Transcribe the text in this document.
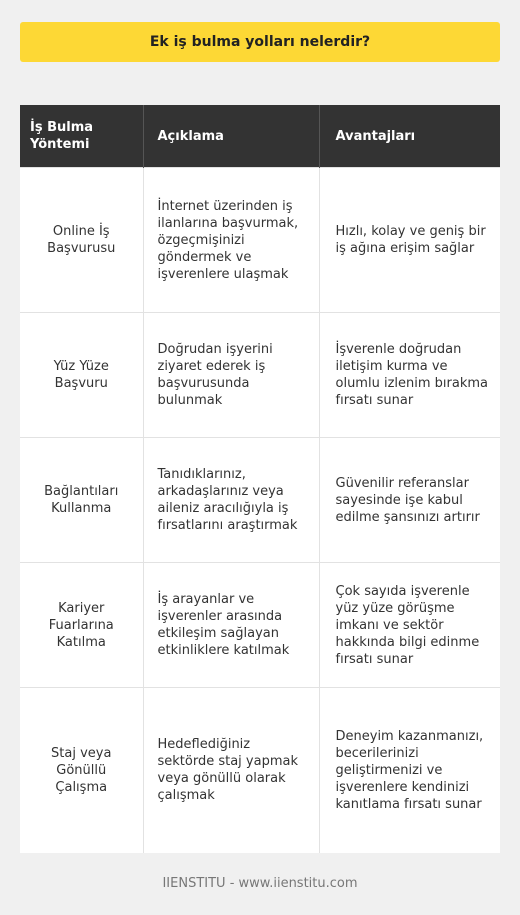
Ek iş bulma yolları nelerdir?
İş Bulma Yöntemi	Açıklama	Avantajları
Online İş Başvurusu	İnternet üzerinden iş ilanlarına başvurmak, özgeçmişinizi göndermek ve işverenlere ulaşmak	Hızlı, kolay ve geniş bir iş ağına erişim sağlar
Yüz Yüze Başvuru	Doğrudan işyerini ziyaret ederek iş başvurusunda bulunmak	İşverenle doğrudan iletişim kurma ve olumlu izlenim bırakma fırsatı sunar
Bağlantıları Kullanma	Tanıdıklarınız, arkadaşlarınız veya aileniz aracılığıyla iş fırsatlarını araştırmak	Güvenilir referanslar sayesinde işe kabul edilme şansınızı artırır
Kariyer Fuarlarına Katılma	İş arayanlar ve işverenler arasında etkileşim sağlayan etkinliklere katılmak	Çok sayıda işverenle yüz yüze görüşme imkanı ve sektör hakkında bilgi edinme fırsatı sunar
Staj veya Gönüllü Çalışma	Hedeflediğiniz sektörde staj yapmak veya gönüllü olarak çalışmak	Deneyim kazanmanızı, becerilerinizi geliştirmenizi ve işverenlere kendinizi kanıtlama fırsatı sunar
IIENSTITU - www.iienstitu.com
